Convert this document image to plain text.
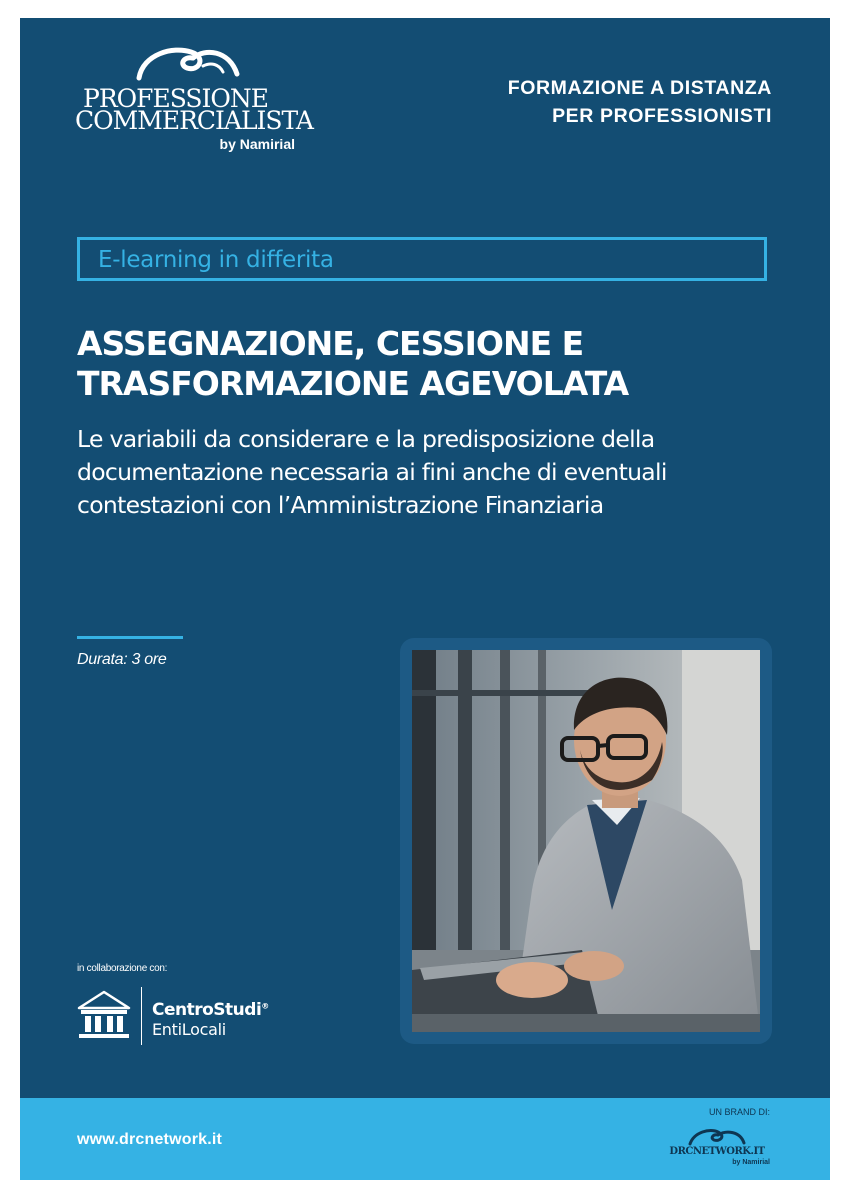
PROFESSIONE
COMMERCIALISTA
by Namirial
FORMAZIONE A DISTANZA
PER PROFESSIONISTI
E-learning in differita
ASSEGNAZIONE, CESSIONE E
TRASFORMAZIONE AGEVOLATA
Le variabili da considerare e la predisposizione della
documentazione necessaria ai fini anche di eventuali
contestazioni con l’Amministrazione Finanziaria
Durata: 3 ore
in collaborazione con:
CentroStudi®
EntiLocali
www.drcnetwork.it
UN BRAND DI:
DRCNETWORK.IT
by Namirial
